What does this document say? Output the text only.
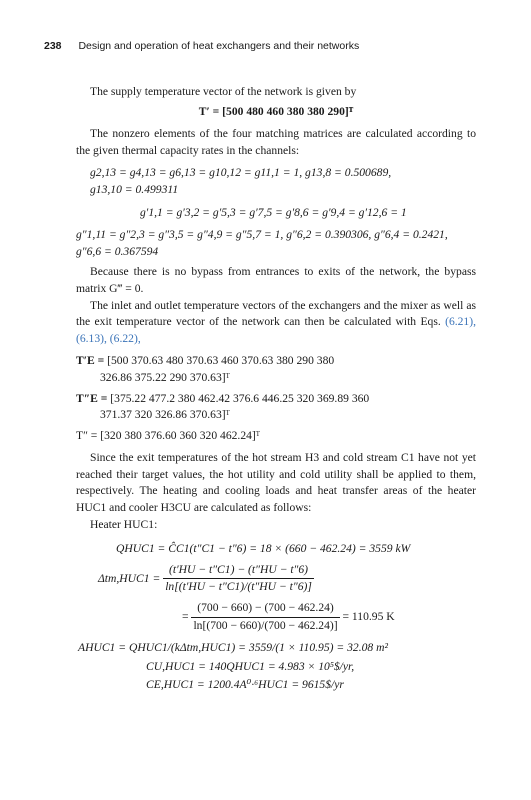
238 Design and operation of heat exchangers and their networks

The supply temperature vector of the network is given by

T′ = [500 480 460 380 380 290]ᵀ

The nonzero elements of the four matching matrices are calculated according to the given thermal capacity rates in the channels:

g2,13 = g4,13 = g6,13 = g10,12 = g11,1 = 1, g13,8 = 0.500689,

g13,10 = 0.499311

g′1,1 = g′3,2 = g′5,3 = g′7,5 = g′8,6 = g′9,4 = g′12,6 = 1

g″1,11 = g″2,3 = g″3,5 = g″4,9 = g″5,7 = 1, g″6,2 = 0.390306, g″6,4 = 0.2421,

g″6,6 = 0.367594

Because there is no bypass from entrances to exits of the network, the bypass matrix G‴ = 0.

The inlet and outlet temperature vectors of the exchangers and the mixer as well as the exit temperature vector of the network can then be calculated with Eqs. (6.21), (6.13), (6.22),

T′E = [500 370.63 480 370.63 460 370.63 380 290 380

326.86 375.22 290 370.63]ᵀ

T″E = [375.22 477.2 380 462.42 376.6 446.25 320 369.89 360

371.37 320 326.86 370.63]ᵀ

T″ = [320 380 376.60 360 320 462.24]ᵀ

Since the exit temperatures of the hot stream H3 and cold stream C1 have not yet reached their target values, the hot utility and cold utility shall be applied to them, respectively. The heating and cooling loads and heat transfer areas of the heater HUC1 and cooler H3CU are calculated as follows:

Heater HUC1:

QHUC1 = ĈC1(t″C1 − t″6) = 18 × (660 − 462.24) = 3559 kW

$\Delta tm,HUC1 = \frac{(t'HU - t''C1) - (t''HU - t''6)}{\ln[(t'HU - t''C1)/(t''HU - t''6)]}$
= $\frac{(700 - 660) - (700 - 462.24)}{\ln[(700 - 660)/(700 - 462.24)]} = 110.95$ K

AHUC1 = QHUC1/(kΔtm,HUC1) = 3559/(1 × 110.95) = 32.08 m²

CU,HUC1 = 140QHUC1 = 4.983 × 10⁵$/yr,

CE,HUC1 = 1200.4A⁰·⁶HUC1 = 9615$/yr
